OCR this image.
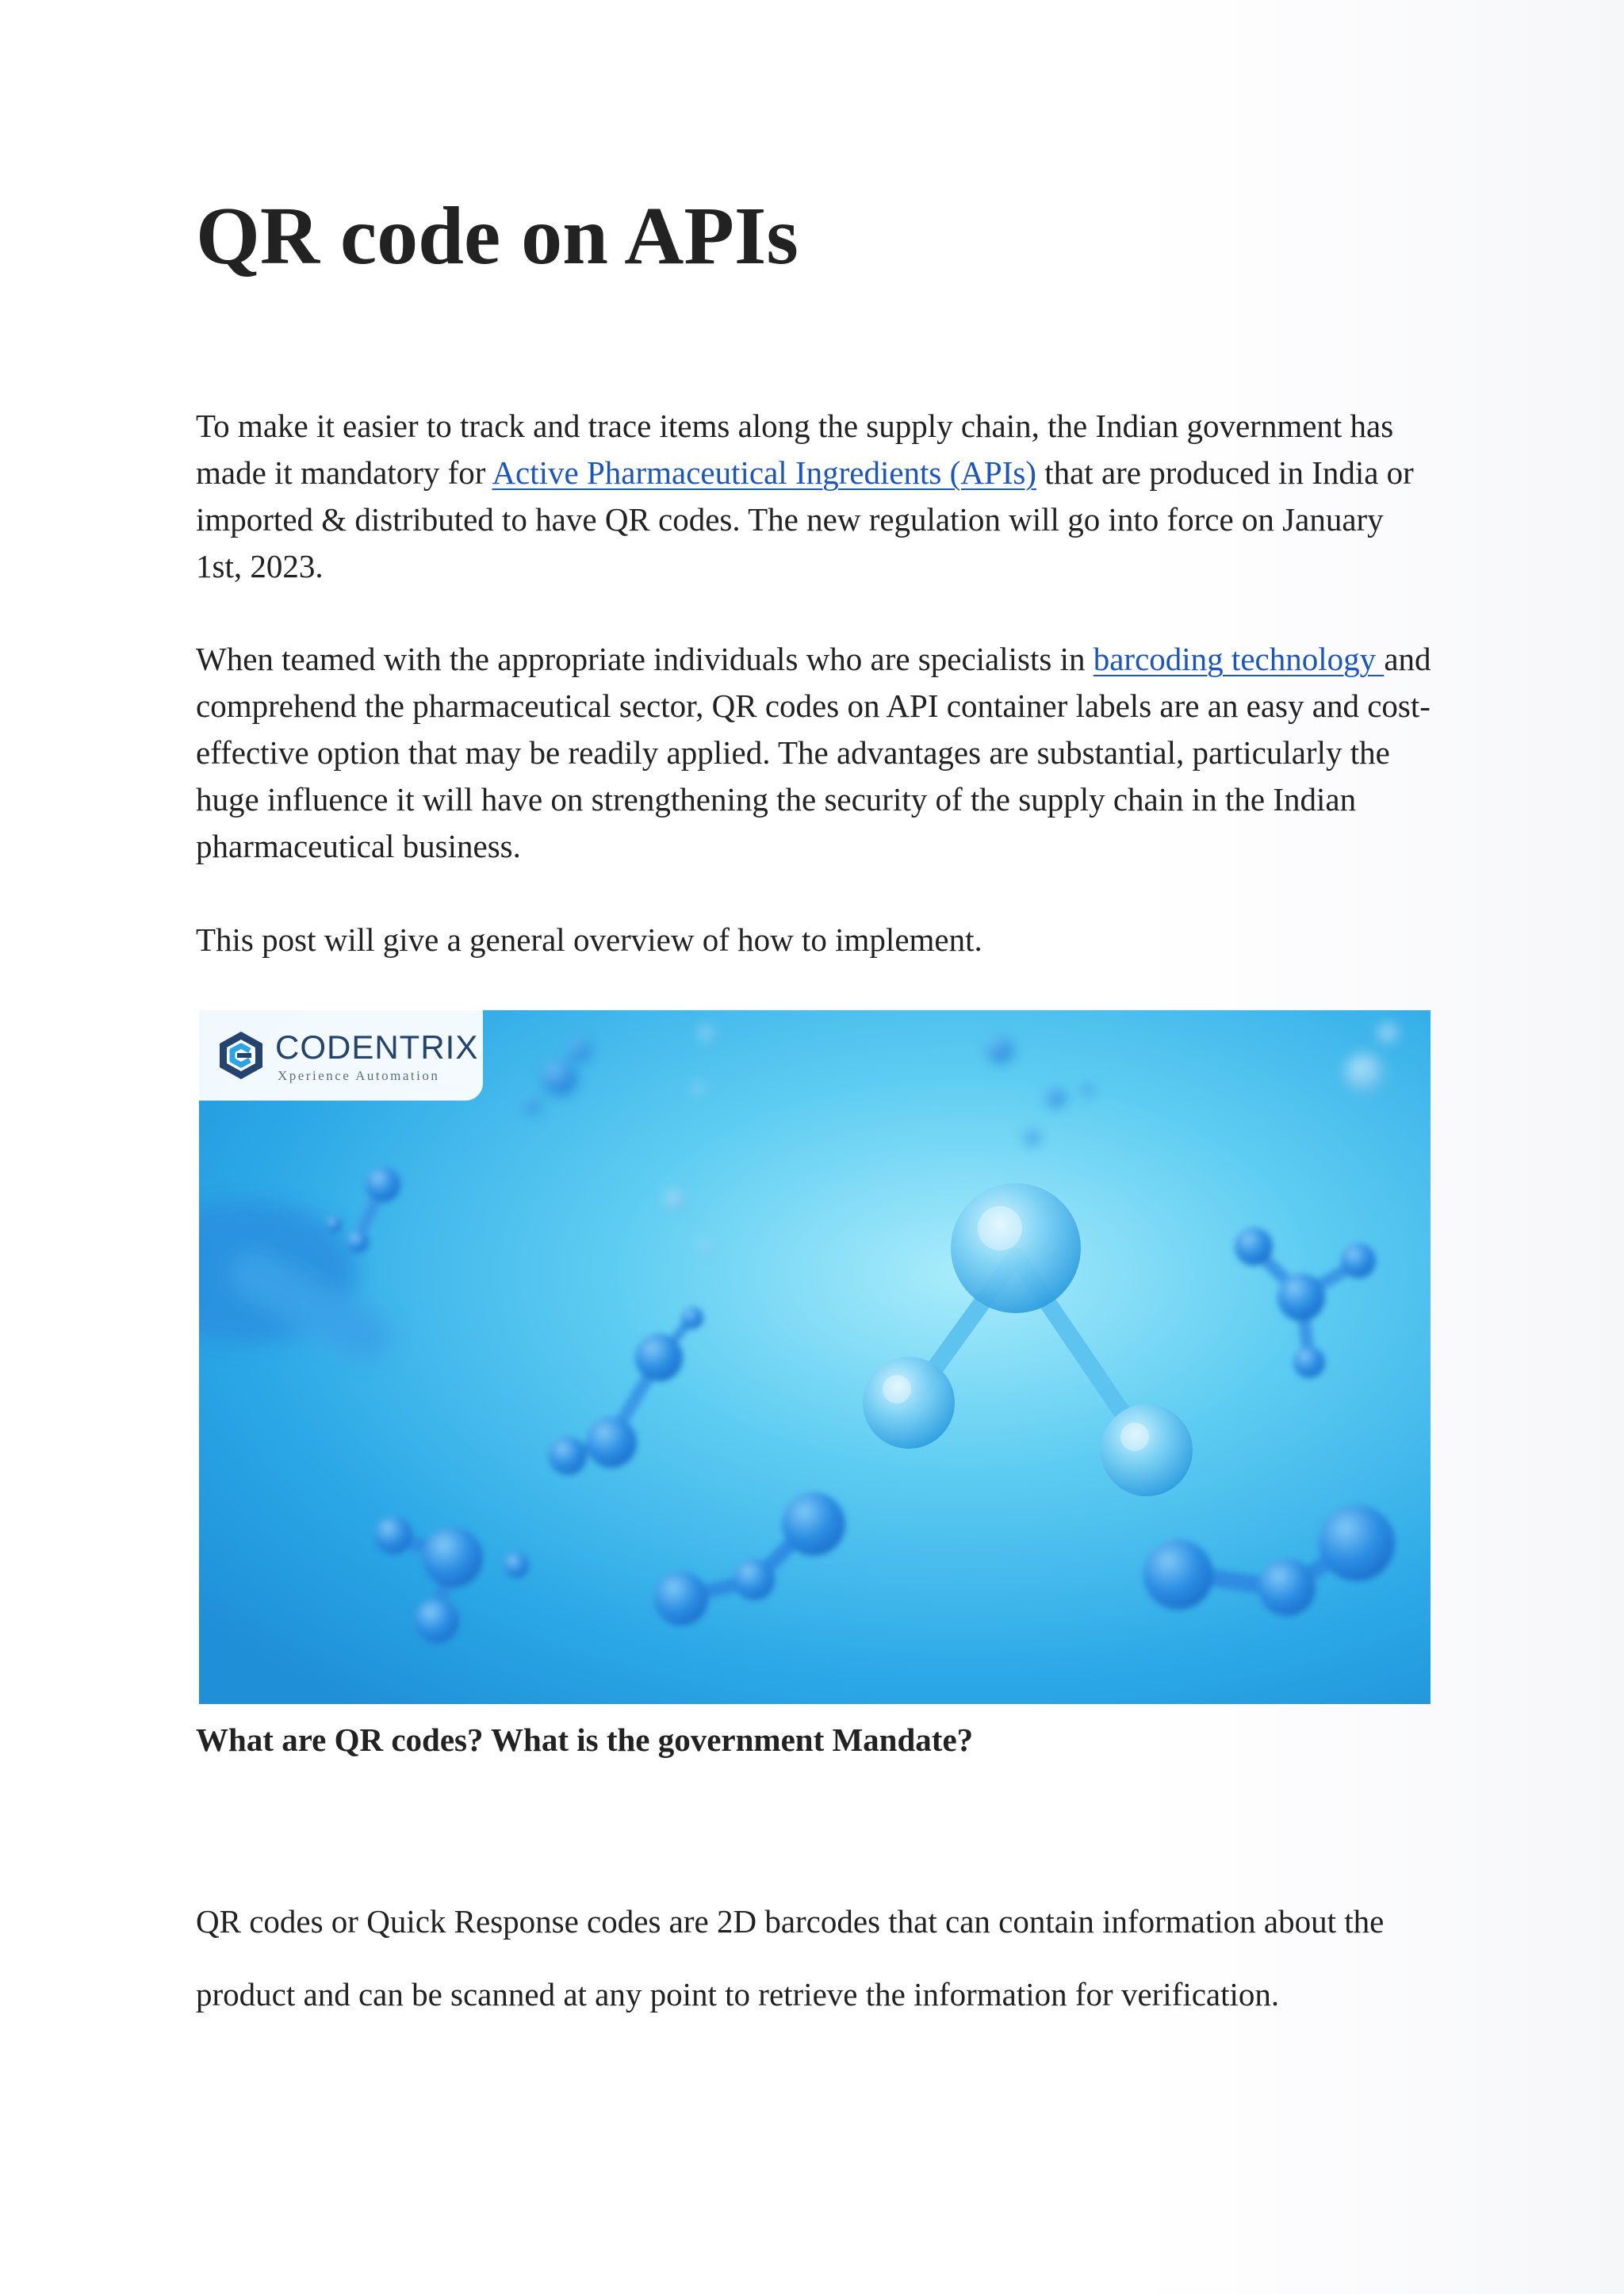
QR code on APIs

To make it easier to track and trace items along the supply chain, the Indian government has made it mandatory for Active Pharmaceutical Ingredients (APIs) that are produced in India or imported & distributed to have QR codes. The new regulation will go into force on January 1st, 2023.

When teamed with the appropriate individuals who are specialists in barcoding technology and comprehend the pharmaceutical sector, QR codes on API container labels are an easy and cost-effective option that may be readily applied. The advantages are substantial, particularly the huge influence it will have on strengthening the security of the supply chain in the Indian pharmaceutical business.

This post will give a general overview of how to implement.

CODENTRIX
Xperience Automation
What are QR codes? What is the government Mandate?

QR codes or Quick Response codes are 2D barcodes that can contain information about the product and can be scanned at any point to retrieve the information for verification.
